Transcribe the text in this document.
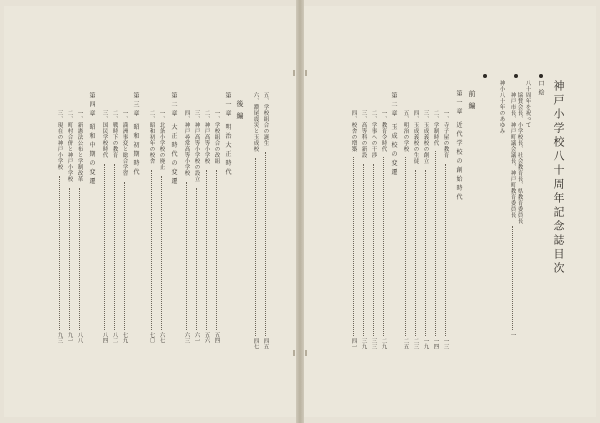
神戸小学校八十周年記念誌目次
口絵
八十周年を祝って
協賛会長、小学校長、社会教育長、県教育委員長
神戸市長、神戸町議会議長、神戸町教育委員長
一
神小八十年のあゆみ
前編
第一章 近代学校の創始時代
一、寺子屋の教育
一三
二、学制時代
一四
三、玉成義校の創立
一九
四、玉成義校の生徒
二三
五、明治の学校
二五
第二章 玉成校の変遷
一、教育令時代
二九
二、学事への干渉
三三
三、高等科の新設
三九
四、校舎の増築
四一
五、学校組合の誕生
四五
六、濃尾震災と玉成校
四七
後編
第一章 明治大正時代
一、学校組合の改組
五四
二、神戸高等小学校
五六
三、神戸高等小学校の設立
六一
四、神戸尋常高等小学校
六三
第二章 大正時代の変遷
一、北条小学校の廃止
六七
二、昭和初年の校舎
七〇
第三章 昭和初期時代
一、満洲事変と総合学習
七九
二、戦時下の教育
八二
三、国民学校時代
八四
第四章 昭和中期の変遷
一、新憲法公布と学制改革
八八
二、町村合併と神戸小学校
九一
三、現在の神戸小学校
九三
